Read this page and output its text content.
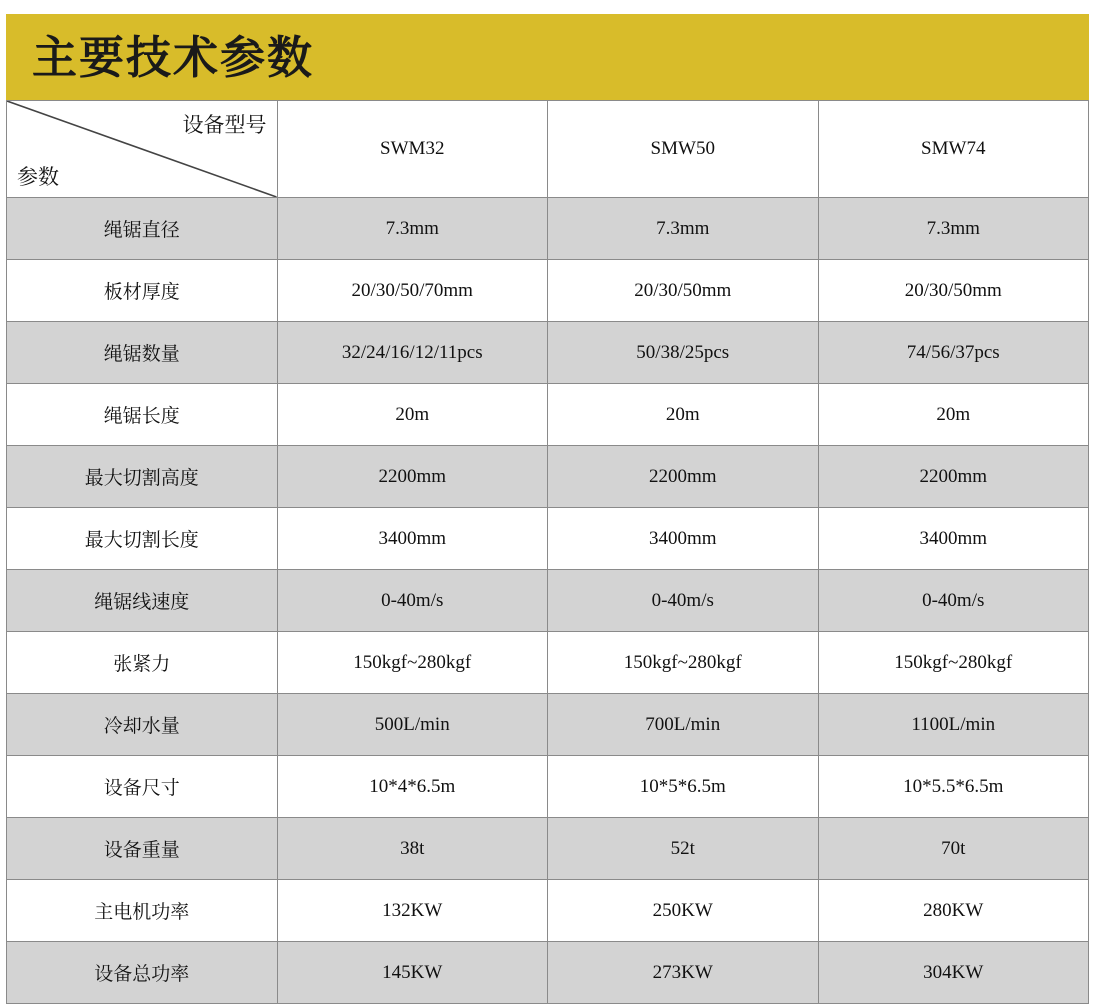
主要技术参数
设备型号
参数	SWM32	SMW50	SMW74
绳锯直径	7.3mm	7.3mm	7.3mm
板材厚度	20/30/50/70mm	20/30/50mm	20/30/50mm
绳锯数量	32/24/16/12/11pcs	50/38/25pcs	74/56/37pcs
绳锯长度	20m	20m	20m
最大切割高度	2200mm	2200mm	2200mm
最大切割长度	3400mm	3400mm	3400mm
绳锯线速度	0-40m/s	0-40m/s	0-40m/s
张紧力	150kgf~280kgf	150kgf~280kgf	150kgf~280kgf
冷却水量	500L/min	700L/min	1100L/min
设备尺寸	10*4*6.5m	10*5*6.5m	10*5.5*6.5m
设备重量	38t	52t	70t
主电机功率	132KW	250KW	280KW
设备总功率	145KW	273KW	304KW
